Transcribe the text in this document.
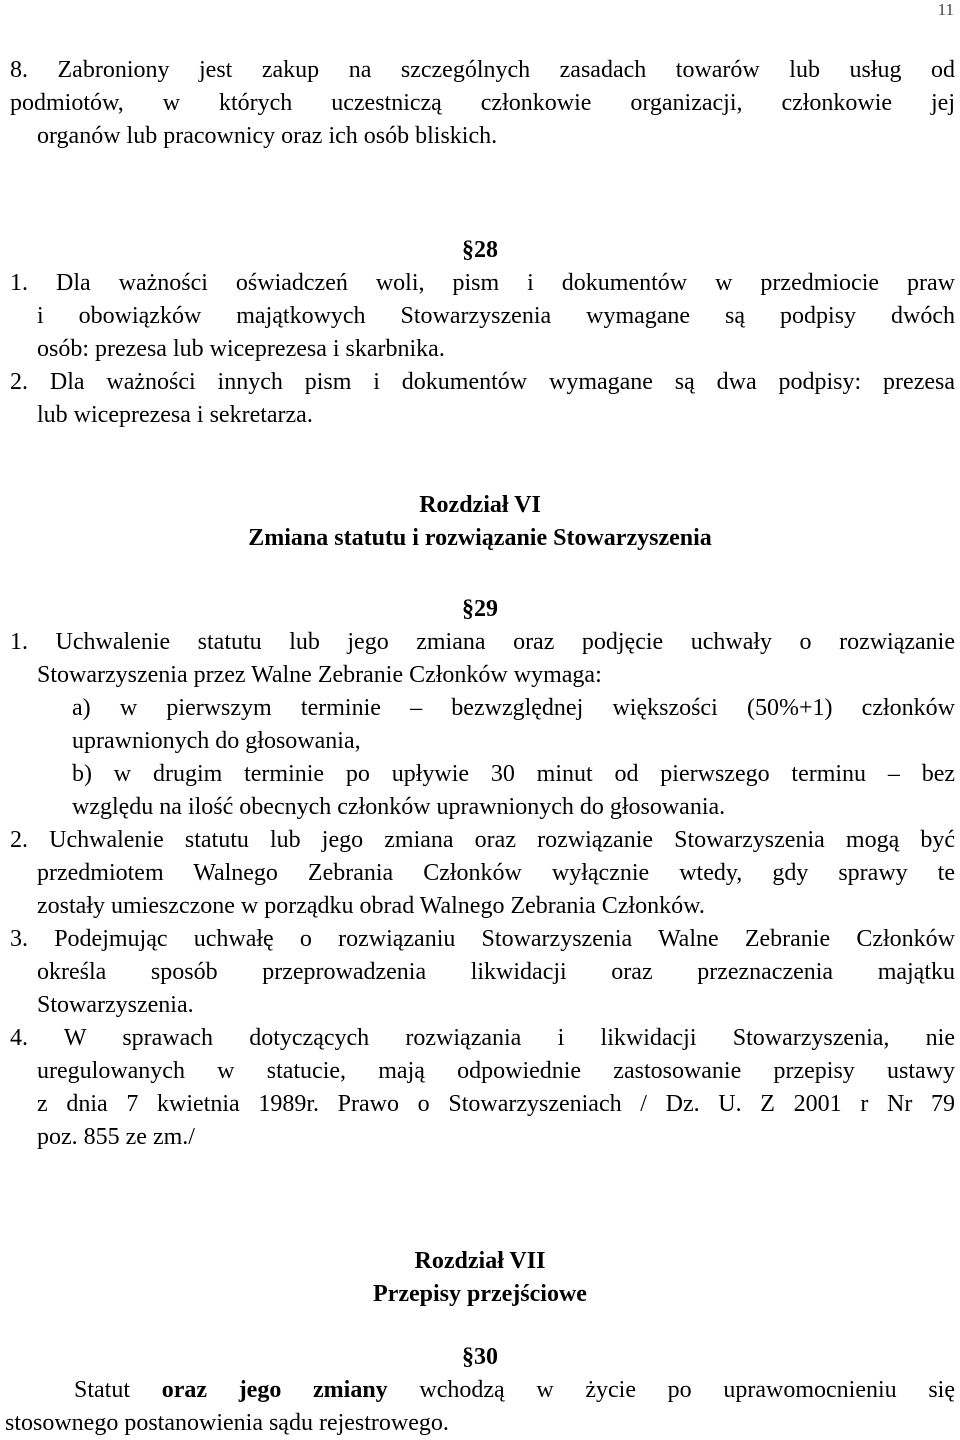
11
8. Zabroniony jest zakup na szczególnych zasadach towarów lub usług od
podmiotów, w których uczestniczą członkowie organizacji, członkowie jej
organów lub pracownicy oraz ich osób bliskich.
§28
1. Dla ważności oświadczeń woli, pism i dokumentów w przedmiocie praw
i obowiązków majątkowych Stowarzyszenia wymagane są podpisy dwóch
osób: prezesa lub wiceprezesa i skarbnika.
2. Dla ważności innych pism i dokumentów wymagane są dwa podpisy: prezesa
lub wiceprezesa i sekretarza.
Rozdział VI
Zmiana statutu i rozwiązanie Stowarzyszenia
§29
1. Uchwalenie statutu lub jego zmiana oraz podjęcie uchwały o rozwiązanie
Stowarzyszenia przez Walne Zebranie Członków wymaga:
a) w pierwszym terminie – bezwzględnej większości (50%+1) członków
uprawnionych do głosowania,
b) w drugim terminie po upływie 30 minut od pierwszego terminu – bez
względu na ilość obecnych członków uprawnionych do głosowania.
2. Uchwalenie statutu lub jego zmiana oraz rozwiązanie Stowarzyszenia mogą być
przedmiotem Walnego Zebrania Członków wyłącznie wtedy, gdy sprawy te
zostały umieszczone w porządku obrad Walnego Zebrania Członków.
3. Podejmując uchwałę o rozwiązaniu Stowarzyszenia Walne Zebranie Członków
określa sposób przeprowadzenia likwidacji oraz przeznaczenia majątku
Stowarzyszenia.
4. W sprawach dotyczących rozwiązania i likwidacji Stowarzyszenia, nie
uregulowanych w statucie, mają odpowiednie zastosowanie przepisy ustawy
z dnia 7 kwietnia 1989r. Prawo o Stowarzyszeniach / Dz. U. Z 2001 r Nr 79
poz. 855 ze zm./
Rozdział VII
Przepisy przejściowe
§30
Statut oraz jego zmiany wchodzą w życie po uprawomocnieniu się
stosownego postanowienia sądu rejestrowego.
